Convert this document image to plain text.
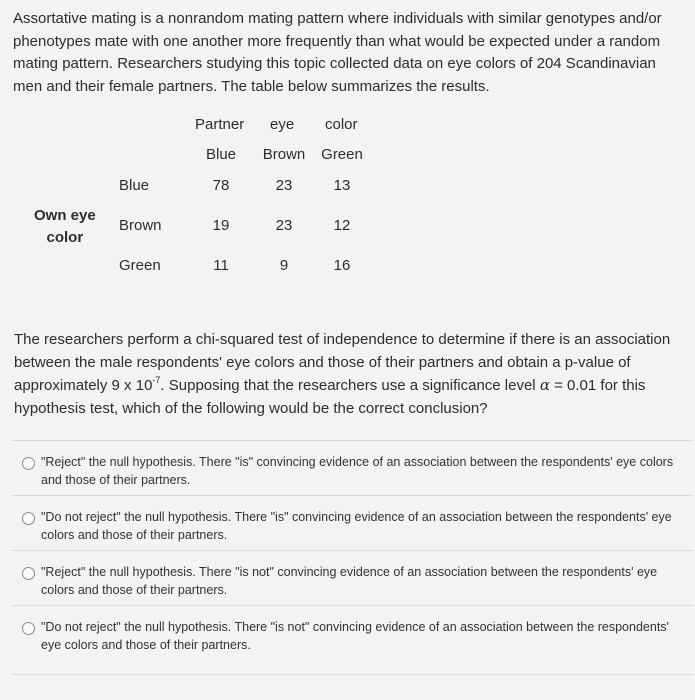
Assortative mating is a nonrandom mating pattern where individuals with similar genotypes and/or phenotypes mate with one another more frequently than what would be expected under a random mating pattern. Researchers studying this topic collected data on eye colors of 204 Scandinavian men and their female partners. The table below summarizes the results.
Partner eye color
Blue Brown Green
Own eye
color
Blue	78	23	13
Brown	19	23	12
Green	11	9	16
The researchers perform a chi-squared test of independence to determine if there is an association between the male respondents' eye colors and those of their partners and obtain a p-value of approximately 9 x $10^{-7}$. Supposing that the researchers use a significance level α = 0.01 for this hypothesis test, which of the following would be the correct conclusion?
"Reject" the null hypothesis. There "is" convincing evidence of an association between the respondents' eye colors and those of their partners.
"Do not reject" the null hypothesis. There "is" convincing evidence of an association between the respondents' eye colors and those of their partners.
"Reject" the null hypothesis. There "is not" convincing evidence of an association between the respondents' eye colors and those of their partners.
"Do not reject" the null hypothesis. There "is not" convincing evidence of an association between the respondents' eye colors and those of their partners.
